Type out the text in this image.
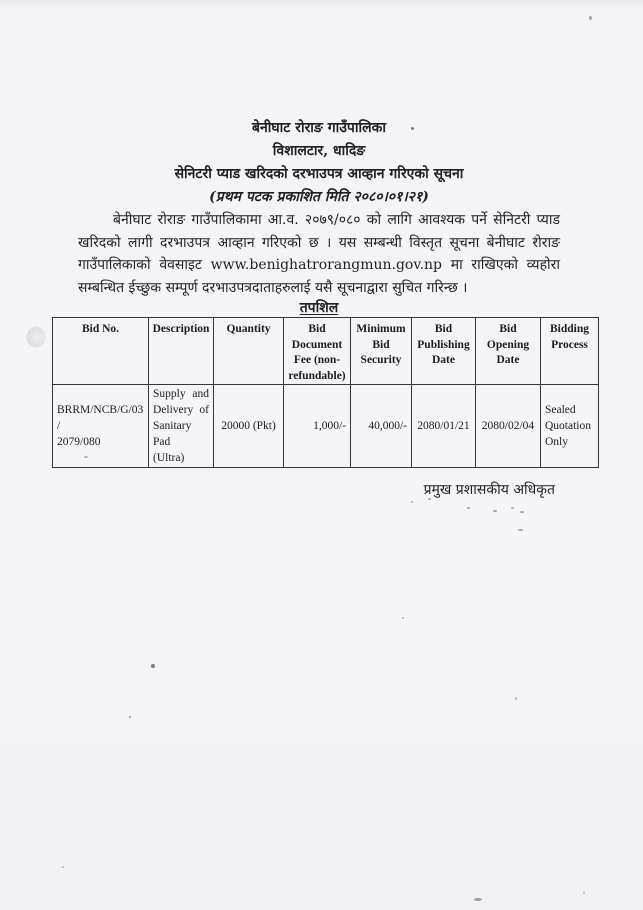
बेनीघाट रोराङ गाउँपालिका
विशालटार, धादिङ
सेनिटरी प्याड खरिदको दरभाउपत्र आव्हान गरिएको सूचना
(प्रथम पटक प्रकाशित मिति २०८०।०१।२१)

बेनीघाट रोराङ गाउँपालिकामा आ.व. २०७९/०८० को लागि आवश्यक पर्ने सेनिटरी प्याड खरिदको लागी दरभाउपत्र आव्हान गरिएको छ । यस सम्बन्धी विस्तृत सूचना बेनीघाट रोराङ गाउँपालिकाको वेवसाइट www.benighatrorangmun.gov.np मा राखिएको व्यहोरा सम्बन्धित ईच्छुक सम्पूर्ण दरभाउपत्रदाताहरुलाई यसै सूचनाद्वारा सुचित गरिन्छ ।

तपशिल
Bid No.	Description	Quantity	Bid
Document
Fee (non-
refundable)	Minimum
Bid
Security	Bid
Publishing
Date	Bid
Opening
Date	Bidding
Process
BRRM/NCB/G/03/
2079/080	Supply and
Delivery of
Sanitary Pad
(Ultra)	20000 (Pkt)	1,000/-	40,000/-	2080/01/21	2080/02/04	Sealed
Quotation
Only
प्रमुख प्रशासकीय अधिकृत
